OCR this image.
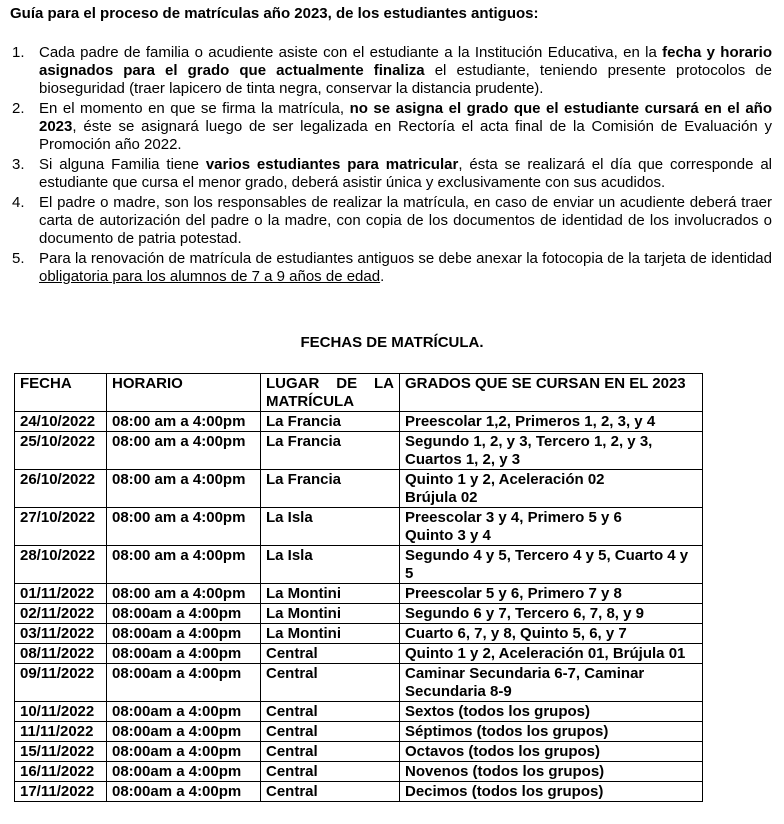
Guía para el proceso de matrículas año 2023, de los estudiantes antiguos:
1. Cada padre de familia o acudiente asiste con el estudiante a la Institución Educativa, en la fecha y horario asignados para el grado que actualmente finaliza el estudiante, teniendo presente protocolos de bioseguridad (traer lapicero de tinta negra, conservar la distancia prudente).
2. En el momento en que se firma la matrícula, no se asigna el grado que el estudiante cursará en el año 2023, éste se asignará luego de ser legalizada en Rectoría el acta final de la Comisión de Evaluación y Promoción año 2022.
3. Si alguna Familia tiene varios estudiantes para matricular, ésta se realizará el día que corresponde al estudiante que cursa el menor grado, deberá asistir única y exclusivamente con sus acudidos.
4. El padre o madre, son los responsables de realizar la matrícula, en caso de enviar un acudiente deberá traer carta de autorización del padre o la madre, con copia de los documentos de identidad de los involucrados o documento de patria potestad.
5. Para la renovación de matrícula de estudiantes antiguos se debe anexar la fotocopia de la tarjeta de identidad obligatoria para los alumnos de 7 a 9 años de edad.
FECHAS DE MATRÍCULA.
FECHA	HORARIO	LUGAR DE LA MATRÍCULA	GRADOS QUE SE CURSAN EN EL 2023
24/10/2022	08:00 am a 4:00pm	La Francia	Preescolar 1,2, Primeros 1, 2, 3, y 4
25/10/2022	08:00 am a 4:00pm	La Francia	Segundo 1, 2, y 3, Tercero 1, 2, y 3, Cuartos 1, 2, y 3
26/10/2022	08:00 am a 4:00pm	La Francia	Quinto 1 y 2, Aceleración 02
Brújula 02
27/10/2022	08:00 am a 4:00pm	La Isla	Preescolar 3 y 4, Primero 5 y 6
Quinto 3 y 4
28/10/2022	08:00 am a 4:00pm	La Isla	Segundo 4 y 5, Tercero 4 y 5, Cuarto 4 y 5
01/11/2022	08:00 am a 4:00pm	La Montini	Preescolar 5 y 6, Primero 7 y 8
02/11/2022	08:00am a 4:00pm	La Montini	Segundo 6 y 7, Tercero 6, 7, 8, y 9
03/11/2022	08:00am a 4:00pm	La Montini	Cuarto 6, 7, y 8, Quinto 5, 6, y 7
08/11/2022	08:00am a 4:00pm	Central	Quinto 1 y 2, Aceleración 01, Brújula 01
09/11/2022	08:00am a 4:00pm	Central	Caminar Secundaria 6-7, Caminar Secundaria 8-9
10/11/2022	08:00am a 4:00pm	Central	Sextos (todos los grupos)
11/11/2022	08:00am a 4:00pm	Central	Séptimos (todos los grupos)
15/11/2022	08:00am a 4:00pm	Central	Octavos (todos los grupos)
16/11/2022	08:00am a 4:00pm	Central	Novenos (todos los grupos)
17/11/2022	08:00am a 4:00pm	Central	Decimos (todos los grupos)
